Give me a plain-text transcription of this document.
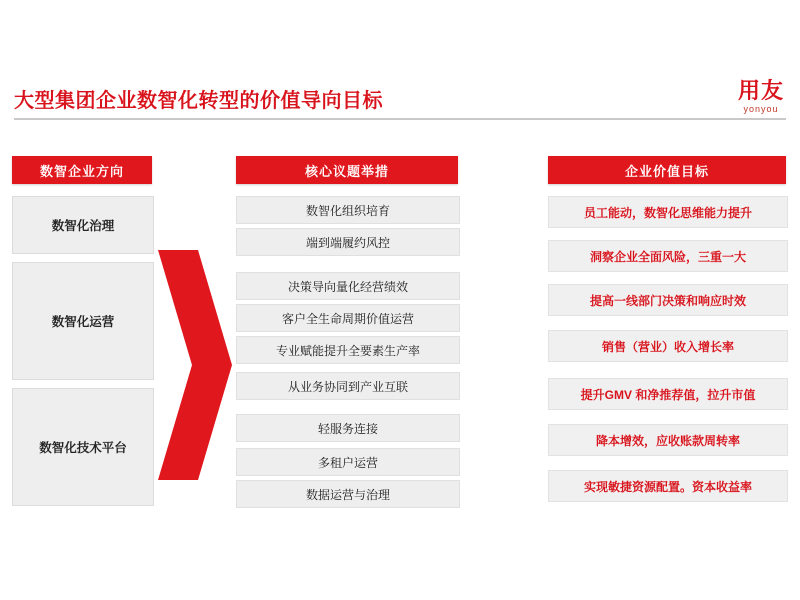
大型集团企业数智化转型的价值导向目标	用友
yonyou
数智企业方向	核心议题举措	企业价值目标
数智化治理
数智化运营
数智化技术平台
数智化组织培育
端到端履约风控
决策导向量化经营绩效
客户全生命周期价值运营
专业赋能提升全要素生产率
从业务协同到产业互联
轻服务连接
多租户运营
数据运营与治理
员工能动，数智化思维能力提升
洞察企业全面风险，三重一大
提高一线部门决策和响应时效
销售（营业）收入增长率
提升GMV 和净推荐值，拉升市值
降本增效，应收账款周转率
实现敏捷资源配置。资本收益率
